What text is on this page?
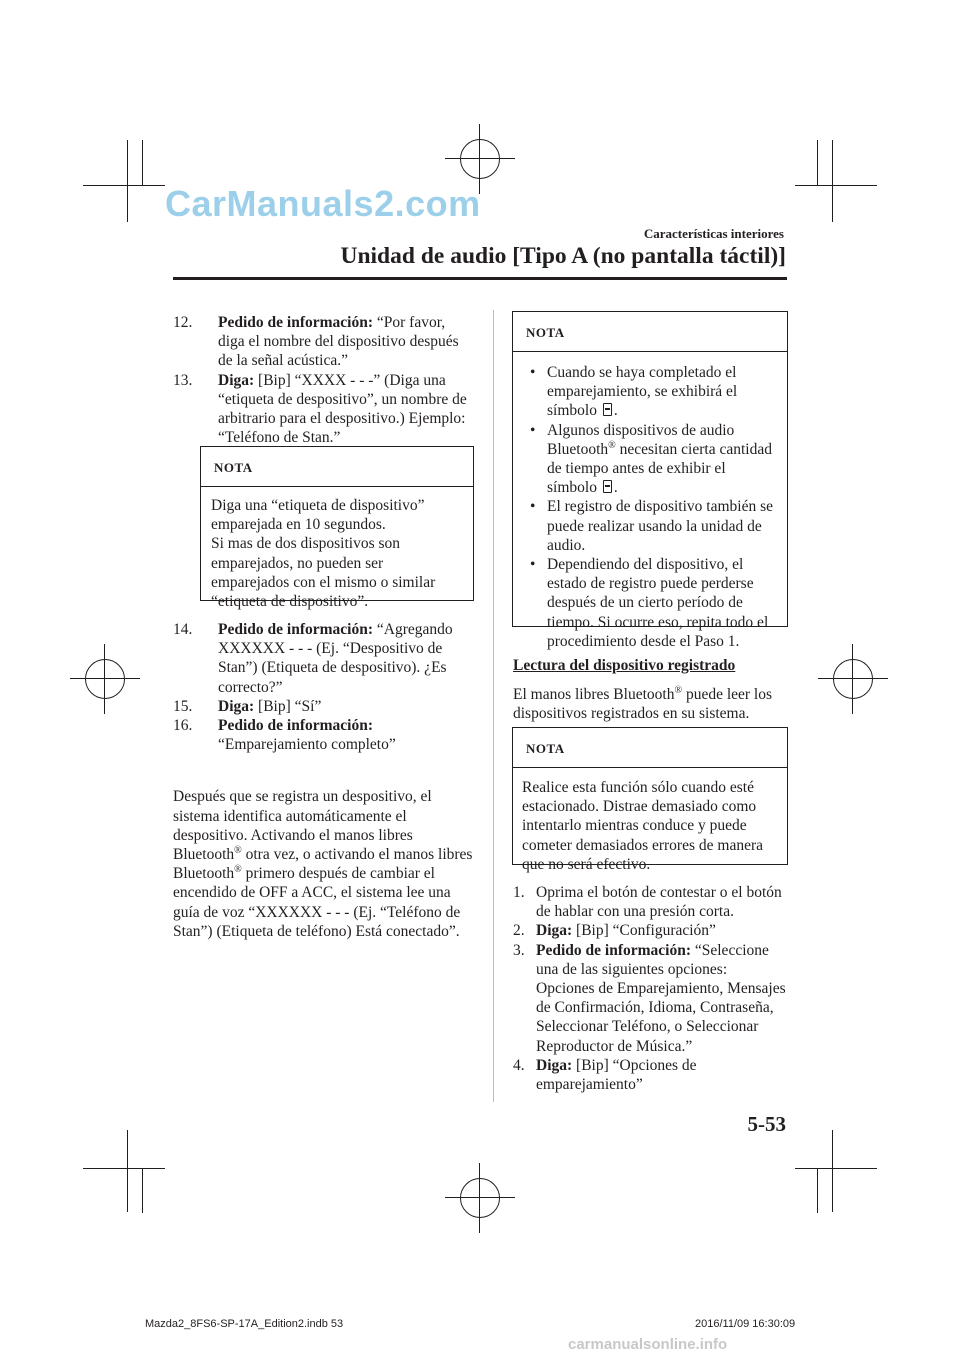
CarManuals2.com
Características interiores
Unidad de audio [Tipo A (no pantalla táctil)]
12.	Pedido de información: “Por favor, diga el nombre del dispositivo después de la señal acústica.”
13.	Diga: [Bip] “XXXX - - -” (Diga una “etiqueta de despositivo”, un nombre de arbitrario para el despositivo.) Ejemplo: “Teléfono de Stan.”
NOTA

Diga una “etiqueta de dispositivo” emparejada en 10 segundos.

Si mas de dos dispositivos son emparejados, no pueden ser emparejados con el mismo o similar “etiqueta de dispositivo”.

14.	Pedido de información: “Agregando XXXXXX - - - (Ej. “Despositivo de Stan”) (Etiqueta de despositivo). ¿Es correcto?”
15.	Diga: [Bip] “Sí”
16.	Pedido de información:
“Emparejamiento completo”

Después que se registra un despositivo, el sistema identifica automáticamente el despositivo. Activando el manos libres Bluetooth® otra vez, o activando el manos libres Bluetooth® primero después de cambiar el encendido de OFF a ACC, el sistema lee una guía de voz “XXXXXX - - - (Ej. “Teléfono de Stan”) (Etiqueta de teléfono) Está conectado”.

NOTA
• Cuando se haya completado el emparejamiento, se exhibirá el símbolo .
• Algunos dispositivos de audio Bluetooth® necesitan cierta cantidad de tiempo antes de exhibir el símbolo .
• El registro de dispositivo también se puede realizar usando la unidad de audio.
• Dependiendo del dispositivo, el estado de registro puede perderse después de un cierto período de tiempo. Si ocurre eso, repita todo el procedimiento desde el Paso 1.

Lectura del dispositivo registrado

El manos libres Bluetooth® puede leer los dispositivos registrados en su sistema.

NOTA

Realice esta función sólo cuando esté estacionado. Distrae demasiado como intentarlo mientras conduce y puede cometer demasiados errores de manera que no será efectivo.

1. Oprima el botón de contestar o el botón de hablar con una presión corta.
2. Diga: [Bip] “Configuración”
3. Pedido de información: “Seleccione una de las siguientes opciones: Opciones de Emparejamiento, Mensajes de Confirmación, Idioma, Contraseña, Seleccionar Teléfono, o Seleccionar Reproductor de Música.”
4. Diga: [Bip] “Opciones de emparejamiento”
5-53
Mazda2_8FS6-SP-17A_Edition2.indb 53	2016/11/09 16:30:09
carmanualsonline.info
